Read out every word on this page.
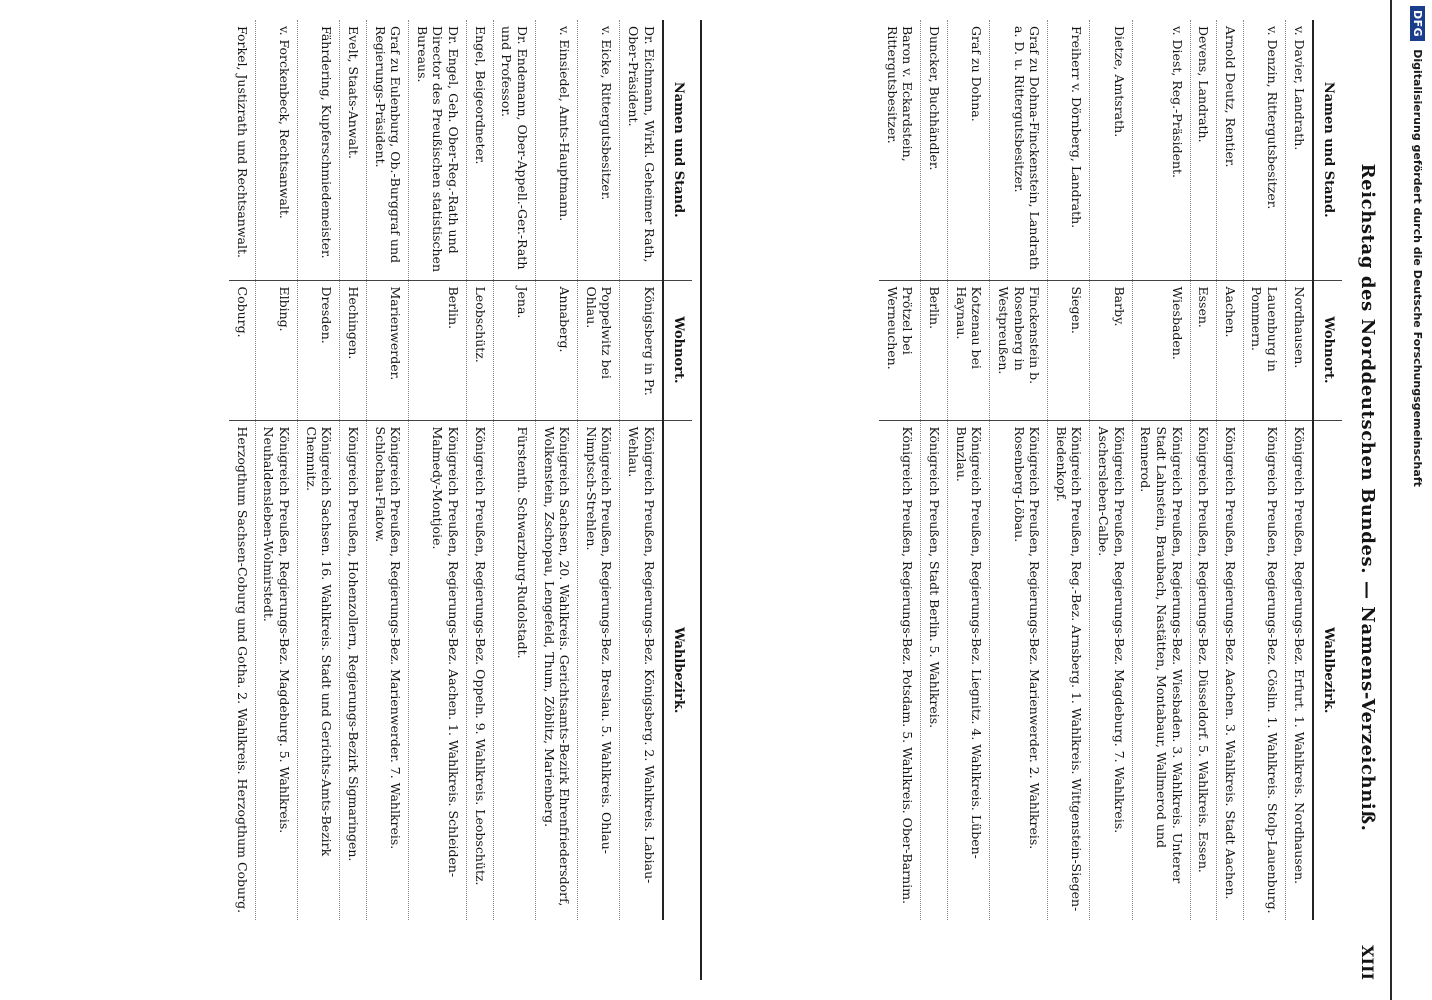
DFG
Digitalisierung gefördert durch die Deutsche Forschungsgemeinschaft
Reichstag des Norddeutschen Bundes. — Namens-Verzeichniß.
XIII
Namen und Stand.	Wohnort.	Wahlbezirk.
v. Davier, Landrath.	Nordhausen.	Königreich Preußen, Regierungs-Bez. Erfurt. 1. Wahlkreis. Nordhausen.
v. Denzin, Rittergutsbesitzer.	Lauenburg in Pommern.	Königreich Preußen, Regierungs-Bez. Cöslin. 1. Wahlkreis. Stolp-Lauenburg.
Arnold Deutz, Rentier.	Aachen.	Königreich Preußen, Regierungs-Bez. Aachen. 3. Wahlkreis. Stadt Aachen.
Devens, Landrath.	Essen.	Königreich Preußen, Regierungs-Bez. Düsseldorf. 5. Wahlkreis. Essen.
v. Diest, Reg.-Präsident.	Wiesbaden.	Königreich Preußen, Regierungs-Bez. Wiesbaden. 3. Wahlkreis. Unterer Stadt Lahnstein, Braubach, Nastätten, Montabaur, Wallmerod und Rennerod.
Dietze, Amtsrath.	Barby.	Königreich Preußen, Regierungs-Bez. Magdeburg. 7. Wahlkreis. Aschersleben-Calbe.
Freiherr v. Dörnberg, Landrath.	Siegen.	Königreich Preußen, Reg.-Bez. Arnsberg. 1. Wahlkreis. Wittgenstein-Siegen-Biedenkopf.
Graf zu Dohna-Finckenstein, Landrath a. D. u. Rittergutsbesitzer.	Finckenstein b. Rosenberg in Westpreußen.	Königreich Preußen, Regierungs-Bez. Marienwerder. 2. Wahlkreis. Rosenberg-Löbau.
Graf zu Dohna.	Kotzenau bei Haynau.	Königreich Preußen, Regierungs-Bez. Liegnitz. 4. Wahlkreis. Lüben-Bunzlau.
Duncker, Buchhändler.	Berlin.	Königreich Preußen, Stadt Berlin. 5. Wahlkreis.
Baron v. Eckardstein, Rittergutsbesitzer.	Prötzel bei Werneuchen.	Königreich Preußen, Regierungs-Bez. Potsdam. 5. Wahlkreis. Ober-Barnim.
Namen und Stand.	Wohnort.	Wahlbezirk.
Dr. Eichmann, Wirkl. Geheimer Rath, Ober-Präsident.	Königsberg in Pr.	Königreich Preußen, Regierungs-Bez. Königsberg. 2. Wahlkreis. Labiau-Wehlau.
v. Eicke, Rittergutsbesitzer.	Poppelwitz bei Ohlau.	Königreich Preußen, Regierungs-Bez. Breslau. 5. Wahlkreis. Ohlau-Nimptsch-Strehlen.
v. Einsiedel, Amts-Hauptmann.	Annaberg.	Königreich Sachsen, 20. Wahlkreis. Gerichtsamts-Bezirk Ehrenfriedersdorf, Wolkenstein, Zschopau, Lengefeld, Thum, Zöblitz, Marienberg.
Dr. Endemann, Ober-Appell.-Ger.-Rath und Professor.	Jena.	Fürstenth. Schwarzburg-Rudolstadt.
Engel, Beigeordneter.	Leobschütz.	Königreich Preußen, Regierungs-Bez. Oppeln. 9. Wahlkreis. Leobschütz.
Dr. Engel, Geh. Ober-Reg.-Rath und Director des Preußischen statistischen Bureaus.	Berlin.	Königreich Preußen, Regierungs-Bez. Aachen. 1. Wahlkreis. Schleiden-Malmedy-Montjoie.
Graf zu Eulenburg, Ob.-Burggraf und Regierungs-Präsident.	Marienwerder.	Königreich Preußen, Regierungs-Bez. Marienwerder. 7. Wahlkreis. Schlochau-Flatow.
Evelt, Staats-Anwalt.	Hechingen.	Königreich Preußen, Hohenzollern, Regierungs-Bezirk Sigmaringen.
Fährdering, Kupferschmiedemeister.	Dresden.	Königreich Sachsen. 16. Wahlkreis. Stadt und Gerichts-Amts-Bezirk Chemnitz.
v. Forckenbeck, Rechtsanwalt.	Elbing.	Königreich Preußen, Regierungs-Bez. Magdeburg. 5. Wahlkreis. Neuhaldensleben-Wolmirstedt.
Forkel, Justizrath und Rechtsanwalt.	Coburg.	Herzogthum Sachsen-Coburg und Gotha. 2. Wahlkreis. Herzogthum Coburg.
